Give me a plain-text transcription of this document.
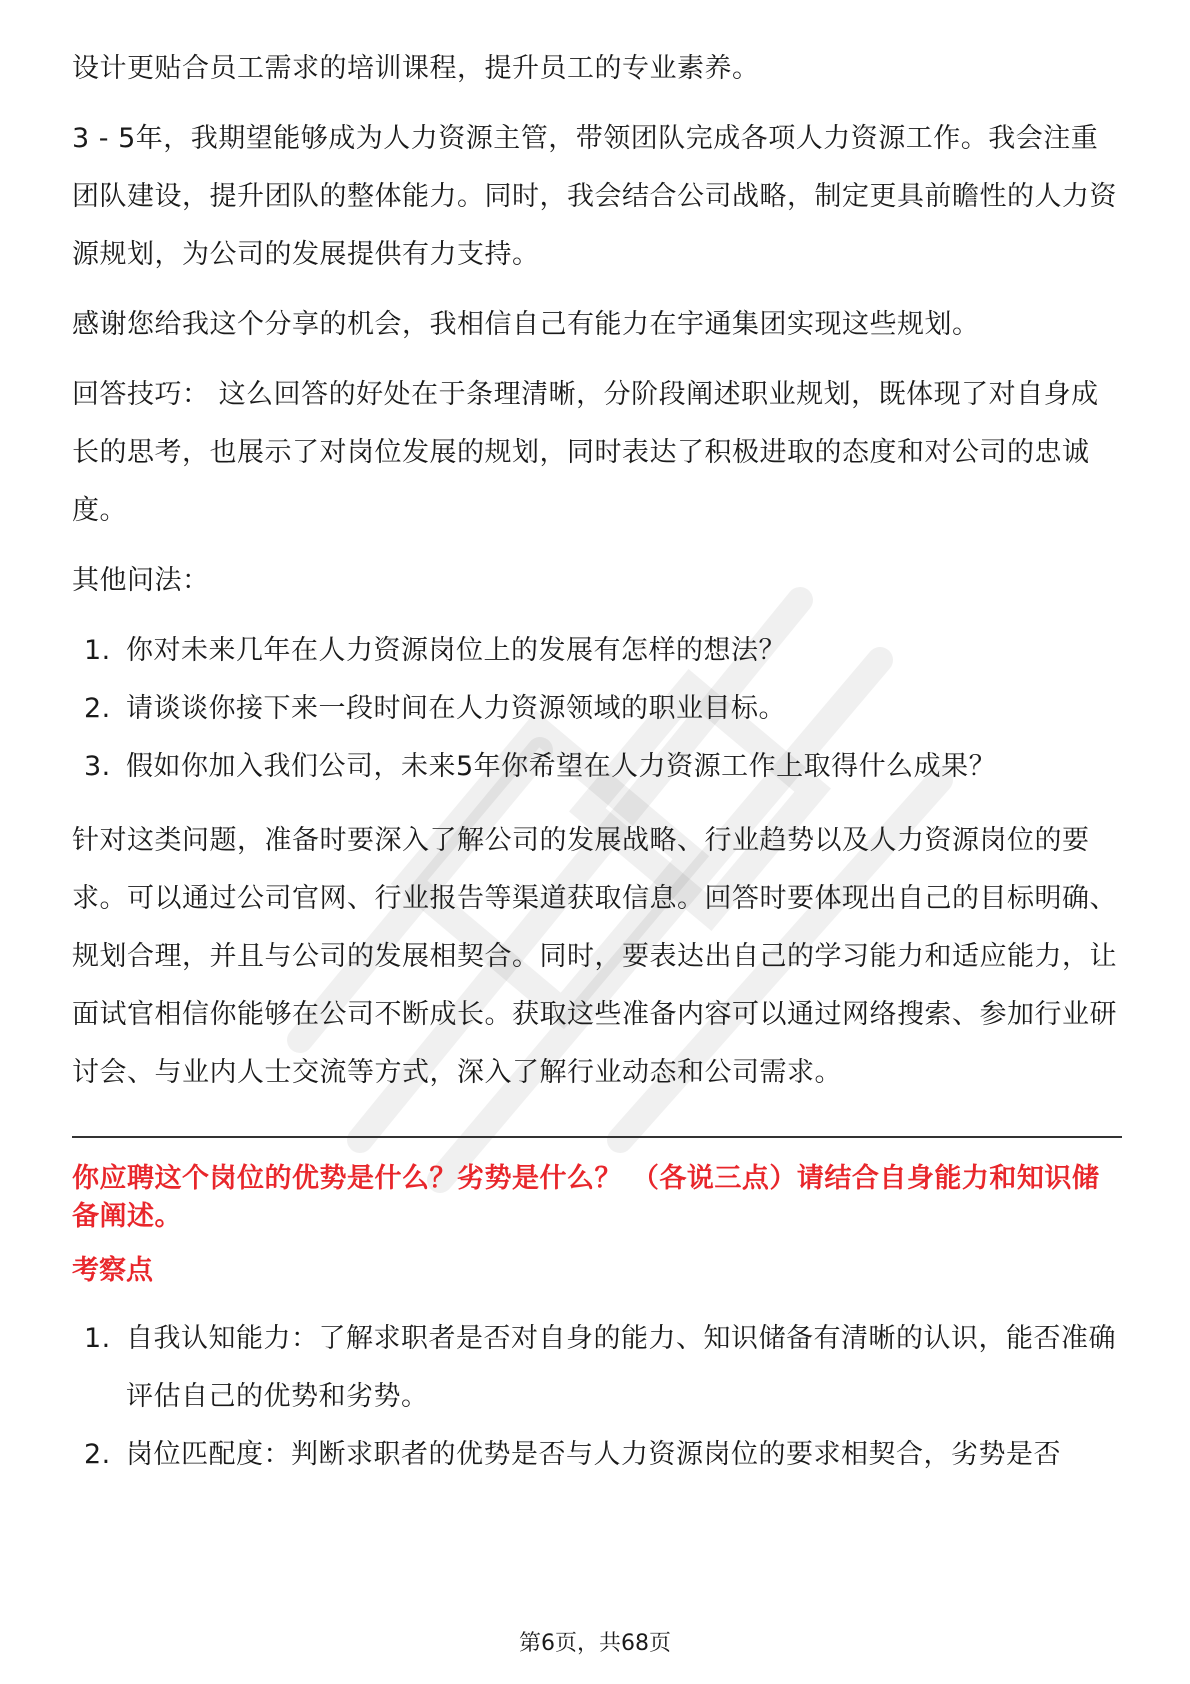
设计更贴合员工需求的培训课程，提升员工的专业素养。

3 - 5年，我期望能够成为人力资源主管，带领团队完成各项人力资源工作。我会注重团队建设，提升团队的整体能力。同时，我会结合公司战略，制定更具前瞻性的人力资源规划，为公司的发展提供有力支持。

感谢您给我这个分享的机会，我相信自己有能力在宇通集团实现这些规划。

回答技巧： 这么回答的好处在于条理清晰，分阶段阐述职业规划，既体现了对自身成长的思考，也展示了对岗位发展的规划，同时表达了积极进取的态度和对公司的忠诚度。

其他问法：

1. 你对未来几年在人力资源岗位上的发展有怎样的想法？
2. 请谈谈你接下来一段时间在人力资源领域的职业目标。
3. 假如你加入我们公司，未来5年你希望在人力资源工作上取得什么成果？

针对这类问题，准备时要深入了解公司的发展战略、行业趋势以及人力资源岗位的要求。可以通过公司官网、行业报告等渠道获取信息。回答时要体现出自己的目标明确、规划合理，并且与公司的发展相契合。同时，要表达出自己的学习能力和适应能力，让面试官相信你能够在公司不断成长。获取这些准备内容可以通过网络搜索、参加行业研讨会、与业内人士交流等方式，深入了解行业动态和公司需求。

你应聘这个岗位的优势是什么？劣势是什么？ （各说三点）请结合自身能力和知识储备阐述。

考察点

1. 自我认知能力：了解求职者是否对自身的能力、知识储备有清晰的认识，能否准确评估自己的优势和劣势。
2. 岗位匹配度：判断求职者的优势是否与人力资源岗位的要求相契合，劣势是否
第6页，共68页
